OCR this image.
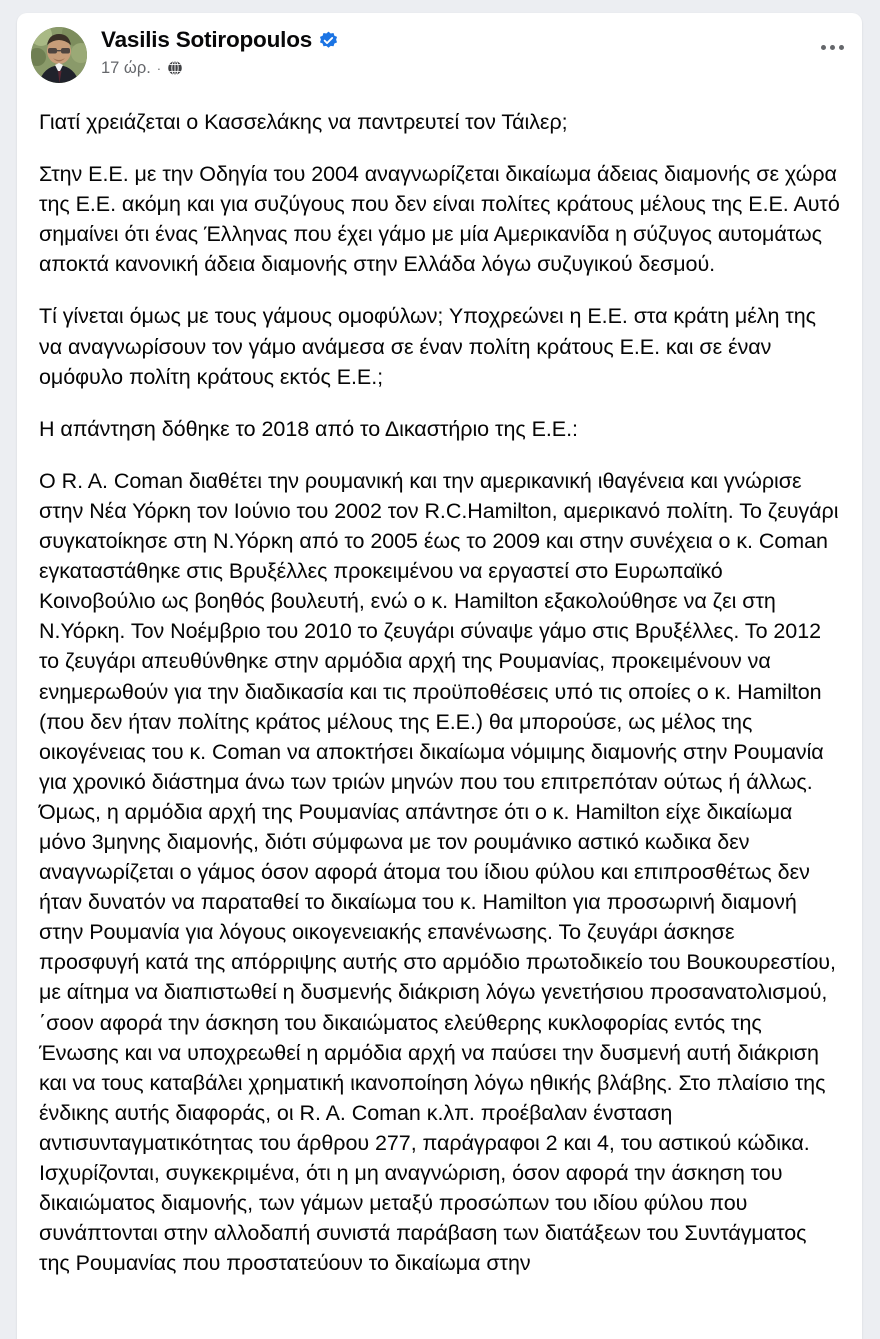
Vasilis Sotiropoulos
17 ώρ. ·

Γιατί χρειάζεται ο Κασσελάκης να παντρευτεί τον Τάιλερ;

Στην Ε.Ε. με την Οδηγία του 2004 αναγνωρίζεται δικαίωμα άδειας διαμονής σε χώρα της Ε.Ε. ακόμη και για συζύγους που δεν είναι πολίτες κράτους μέλους της Ε.Ε. Αυτό σημαίνει ότι ένας Έλληνας που έχει γάμο με μία Αμερικανίδα η σύζυγος αυτομάτως αποκτά κανονική άδεια διαμονής στην Ελλάδα λόγω συζυγικού δεσμού.

Τί γίνεται όμως με τους γάμους ομοφύλων; Υποχρεώνει η Ε.Ε. στα κράτη μέλη της να αναγνωρίσουν τον γάμο ανάμεσα σε έναν πολίτη κράτους Ε.Ε. και σε έναν ομόφυλο πολίτη κράτους εκτός Ε.Ε.;

Η απάντηση δόθηκε το 2018 από το Δικαστήριο της Ε.Ε.:

Ο R. A. Coman διαθέτει την ρουμανική και την αμερικανική ιθαγένεια και γνώρισε στην Νέα Υόρκη τον Ιούνιο του 2002 τον R.C.Hamilton, αμερικανό πολίτη. Το ζευγάρι συγκατοίκησε στη Ν.Υόρκη από το 2005 έως το 2009 και στην συνέχεια ο κ. Coman εγκαταστάθηκε στις Βρυξέλλες προκειμένου να εργαστεί στο Ευρωπαϊκό Κοινοβούλιο ως βοηθός βουλευτή, ενώ ο κ. Hamilton εξακολούθησε να ζει στη Ν.Υόρκη. Τον Νοέμβριο του 2010 το ζευγάρι σύναψε γάμο στις Βρυξέλλες. Το 2012 το ζευγάρι απευθύνθηκε στην αρμόδια αρχή της Ρουμανίας, προκειμένουν να ενημερωθούν για την διαδικασία και τις προϋποθέσεις υπό τις οποίες ο κ. Hamilton (που δεν ήταν πολίτης κράτος μέλους της Ε.Ε.) θα μπορούσε, ως μέλος της οικογένειας του κ. Coman να αποκτήσει δικαίωμα νόμιμης διαμονής στην Ρουμανία για χρονικό διάστημα άνω των τριών μηνών που του επιτρεπόταν ούτως ή άλλως. Όμως, η αρμόδια αρχή της Ρουμανίας απάντησε ότι ο κ. Hamilton είχε δικαίωμα μόνο 3μηνης διαμονής, διότι σύμφωνα με τον ρουμάνικο αστικό κωδικα δεν αναγνωρίζεται ο γάμος όσον αφορά άτομα του ίδιου φύλου και επιπροσθέτως δεν ήταν δυνατόν να παραταθεί το δικαίωμα του κ. Hamilton για προσωρινή διαμονή στην Ρουμανία για λόγους οικογενειακής επανένωσης. Το ζευγάρι άσκησε προσφυγή κατά της απόρριψης αυτής στο αρμόδιο πρωτοδικείο του Βουκουρεστίου, με αίτημα να διαπιστωθεί η δυσμενής διάκριση λόγω γενετήσιου προσανατολισμού, ΄σοον αφορά την άσκηση του δικαιώματος ελεύθερης κυκλοφορίας εντός της Ένωσης και να υποχρεωθεί η αρμόδια αρχή να παύσει την δυσμενή αυτή διάκριση και να τους καταβάλει χρηματική ικανοποίηση λόγω ηθικής βλάβης. Στο πλαίσιο της ένδικης αυτής διαφοράς, οι R. A. Coman κ.λπ. προέβαλαν ένσταση αντισυνταγματικότητας του άρθρου 277, παράγραφοι 2 και 4, του αστικού κώδικα. Ισχυρίζονται, συγκεκριμένα, ότι η μη αναγνώριση, όσον αφορά την άσκηση του δικαιώματος διαμονής, των γάμων μεταξύ προσώπων του ιδίου φύλου που συνάπτονται στην αλλοδαπή συνιστά παράβαση των διατάξεων του Συντάγματος της Ρουμανίας που προστατεύουν το δικαίωμα στην
